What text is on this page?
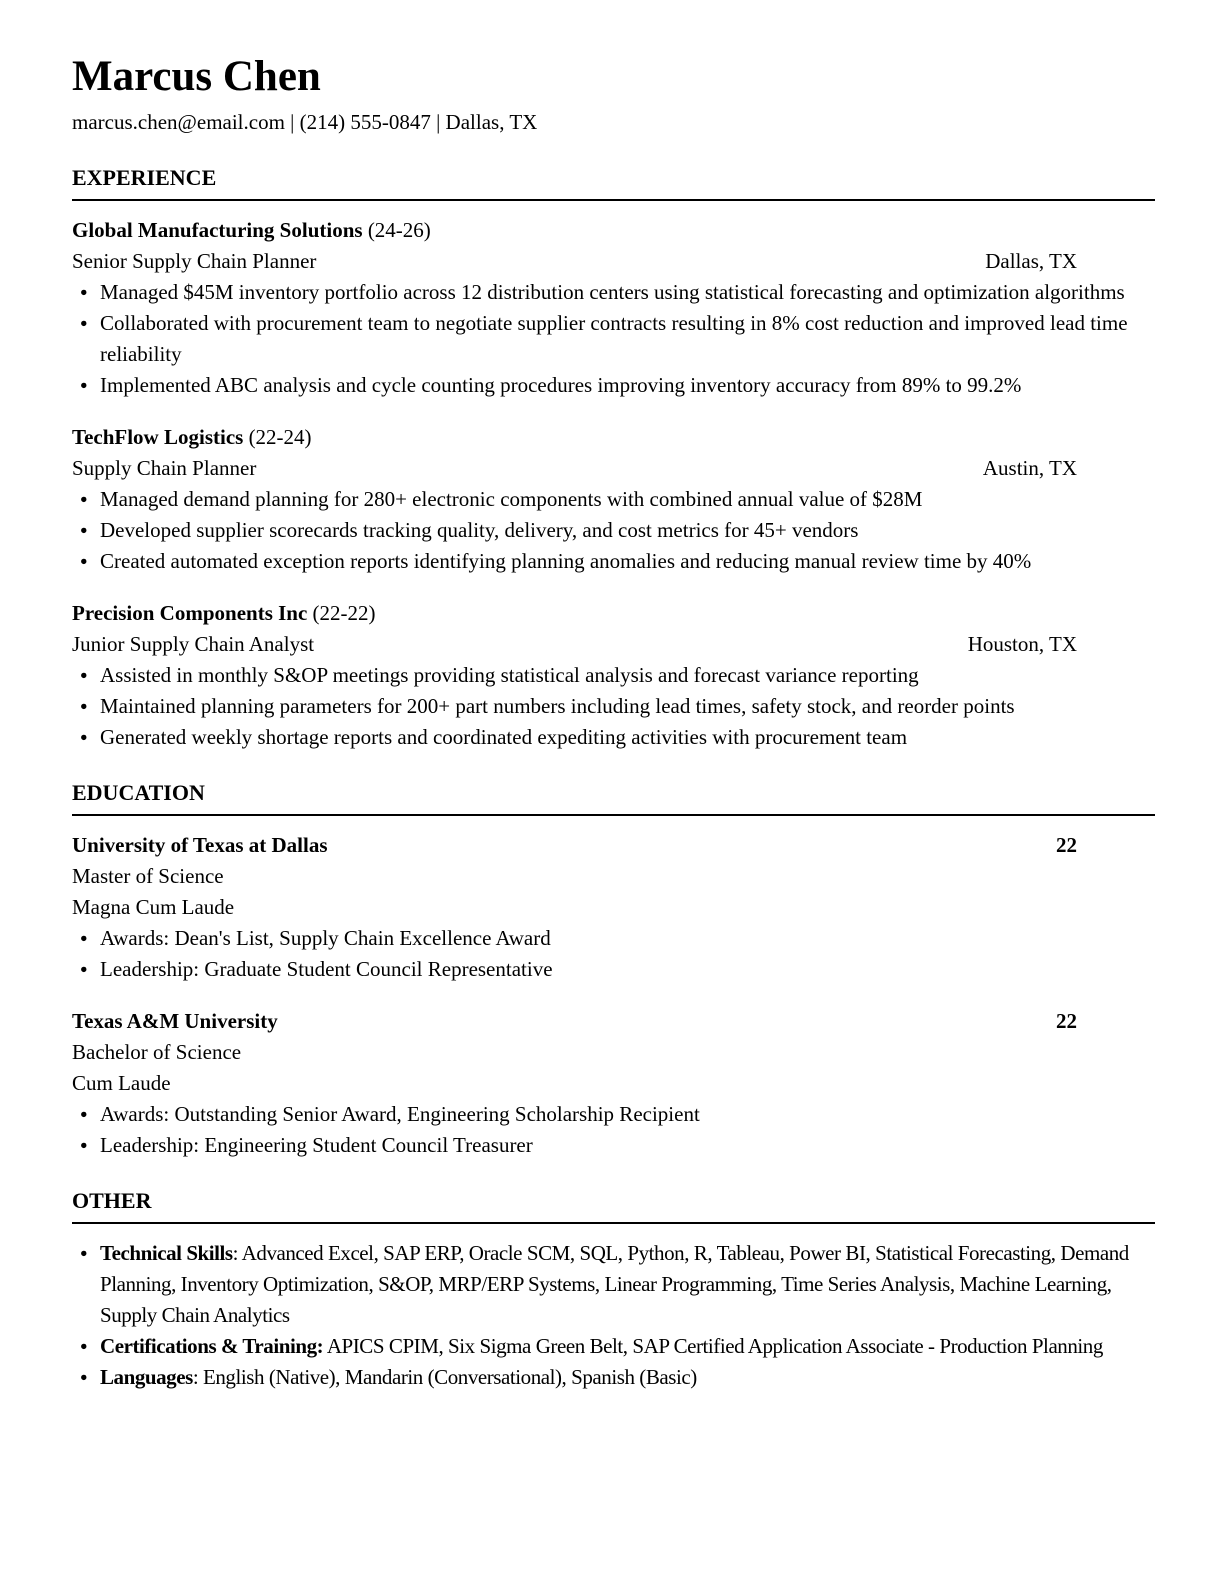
Marcus Chen
marcus.chen@email.com | (214) 555-0847 | Dallas, TX
EXPERIENCE
Global Manufacturing Solutions (24-26)
Senior Supply Chain Planner	Dallas, TX
● Managed $45M inventory portfolio across 12 distribution centers using statistical forecasting and optimization algorithms
● Collaborated with procurement team to negotiate supplier contracts resulting in 8% cost reduction and improved lead time reliability
● Implemented ABC analysis and cycle counting procedures improving inventory accuracy from 89% to 99.2%
TechFlow Logistics (22-24)
Supply Chain Planner	Austin, TX
● Managed demand planning for 280+ electronic components with combined annual value of $28M
● Developed supplier scorecards tracking quality, delivery, and cost metrics for 45+ vendors
● Created automated exception reports identifying planning anomalies and reducing manual review time by 40%
Precision Components Inc (22-22)
Junior Supply Chain Analyst	Houston, TX
● Assisted in monthly S&OP meetings providing statistical analysis and forecast variance reporting
● Maintained planning parameters for 200+ part numbers including lead times, safety stock, and reorder points
● Generated weekly shortage reports and coordinated expediting activities with procurement team
EDUCATION
University of Texas at Dallas	22
Master of Science
Magna Cum Laude
● Awards: Dean's List, Supply Chain Excellence Award
● Leadership: Graduate Student Council Representative
Texas A&M University	22
Bachelor of Science
Cum Laude
● Awards: Outstanding Senior Award, Engineering Scholarship Recipient
● Leadership: Engineering Student Council Treasurer
OTHER
● Technical Skills: Advanced Excel, SAP ERP, Oracle SCM, SQL, Python, R, Tableau, Power BI, Statistical Forecasting, Demand Planning, Inventory Optimization, S&OP, MRP/ERP Systems, Linear Programming, Time Series Analysis, Machine Learning, Supply Chain Analytics
● Certifications & Training: APICS CPIM, Six Sigma Green Belt, SAP Certified Application Associate - Production Planning
● Languages: English (Native), Mandarin (Conversational), Spanish (Basic)
